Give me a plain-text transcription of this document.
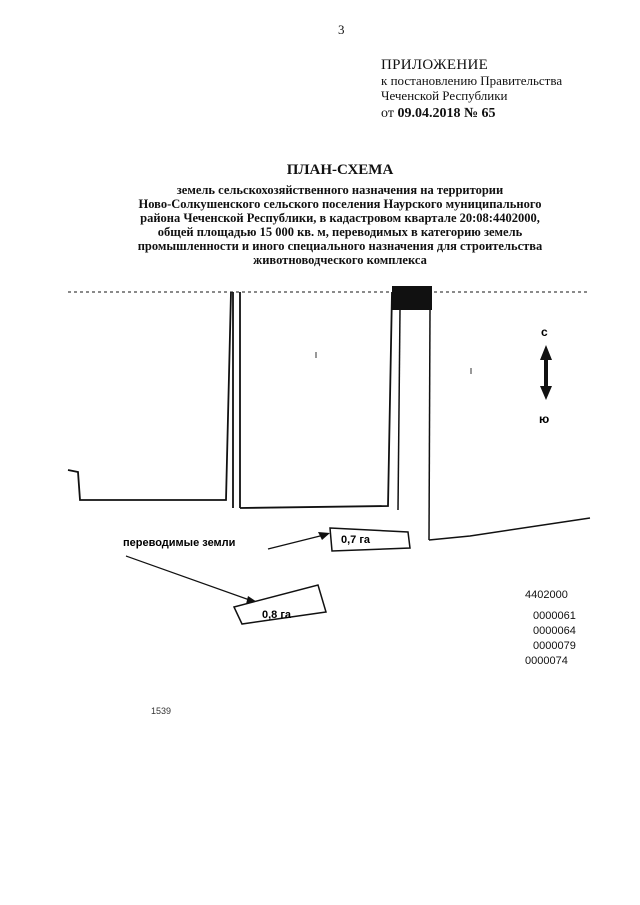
3
ПРИЛОЖЕНИЕ
к постановлению Правительства
Чеченской Республики
от 09.04.2018 № 65
ПЛАН-СХЕМА
земель сельскохозяйственного назначения на территории
Ново-Солкушенского сельского поселения Наурского муниципального
района Чеченской Республики, в кадастровом квартале 20:08:4402000,
общей площадью 15 000 кв. м, переводимых в категорию земель
промышленности и иного специального назначения для строительства
животноводческого комплекса
с
ю
переводимые земли	0,7 га
0,8 га
4402000
0000061
0000064
0000079
0000074
1539
